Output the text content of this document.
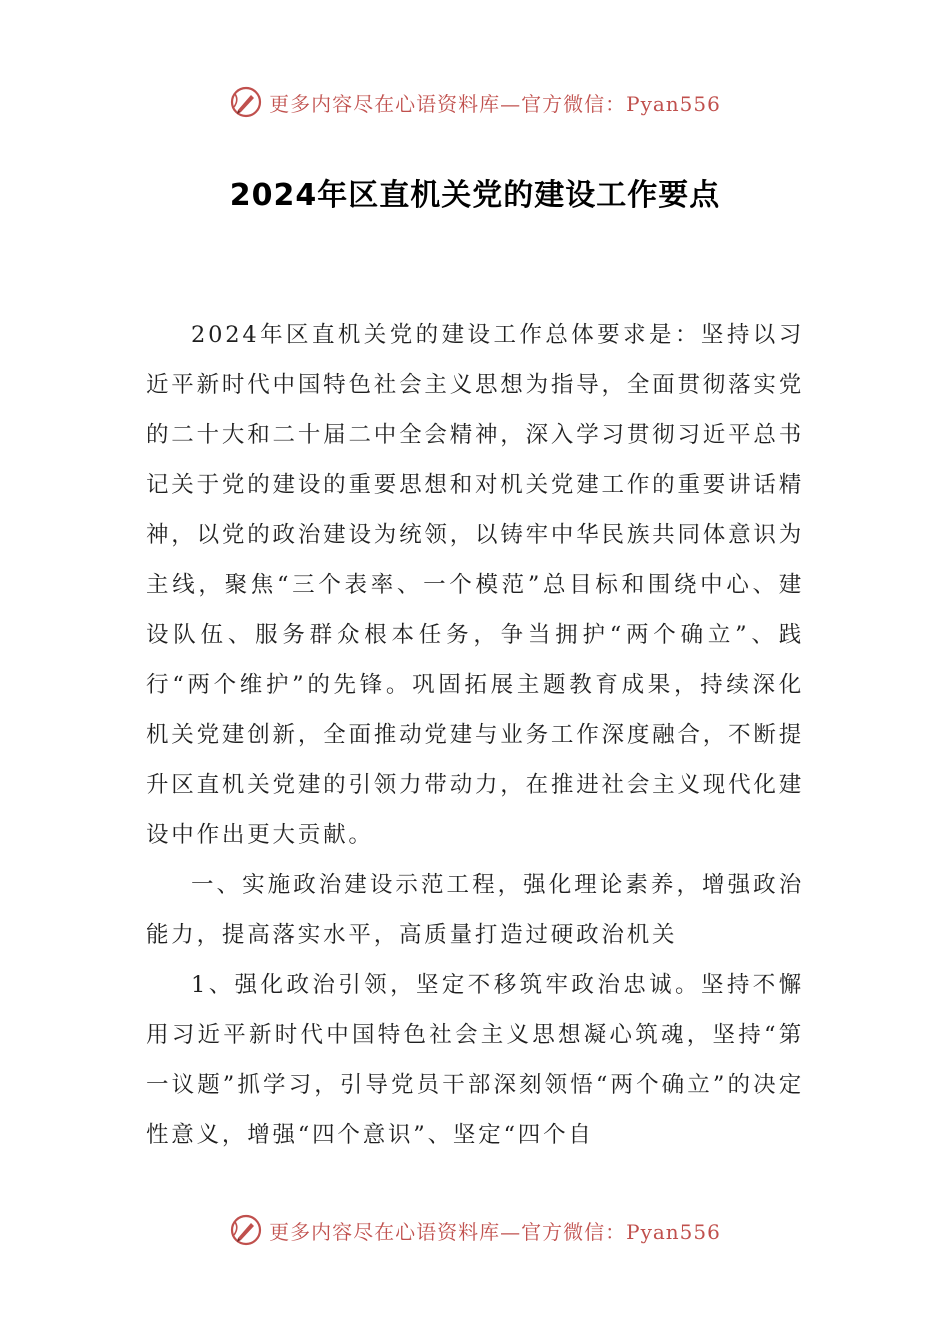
更多内容尽在心语资料库—官方微信：Pyan556
2024年区直机关党的建设工作要点

2024年区直机关党的建设工作总体要求是：坚持以习近平新时代中国特色社会主义思想为指导，全面贯彻落实党的二十大和二十届二中全会精神，深入学习贯彻习近平总书记关于党的建设的重要思想和对机关党建工作的重要讲话精神，以党的政治建设为统领，以铸牢中华民族共同体意识为主线，聚焦“三个表率、一个模范”总目标和围绕中心、建设队伍、服务群众根本任务，争当拥护“两个确立”、践行“两个维护”的先锋。巩固拓展主题教育成果，持续深化机关党建创新，全面推动党建与业务工作深度融合，不断提升区直机关党建的引领力带动力，在推进社会主义现代化建设中作出更大贡献。

一、实施政治建设示范工程，强化理论素养，增强政治能力，提高落实水平，高质量打造过硬政治机关

1、强化政治引领，坚定不移筑牢政治忠诚。坚持不懈用习近平新时代中国特色社会主义思想凝心筑魂，坚持“第一议题”抓学习，引导党员干部深刻领悟“两个确立”的决定性意义，增强“四个意识”、坚定“四个自

更多内容尽在心语资料库—官方微信：Pyan556
